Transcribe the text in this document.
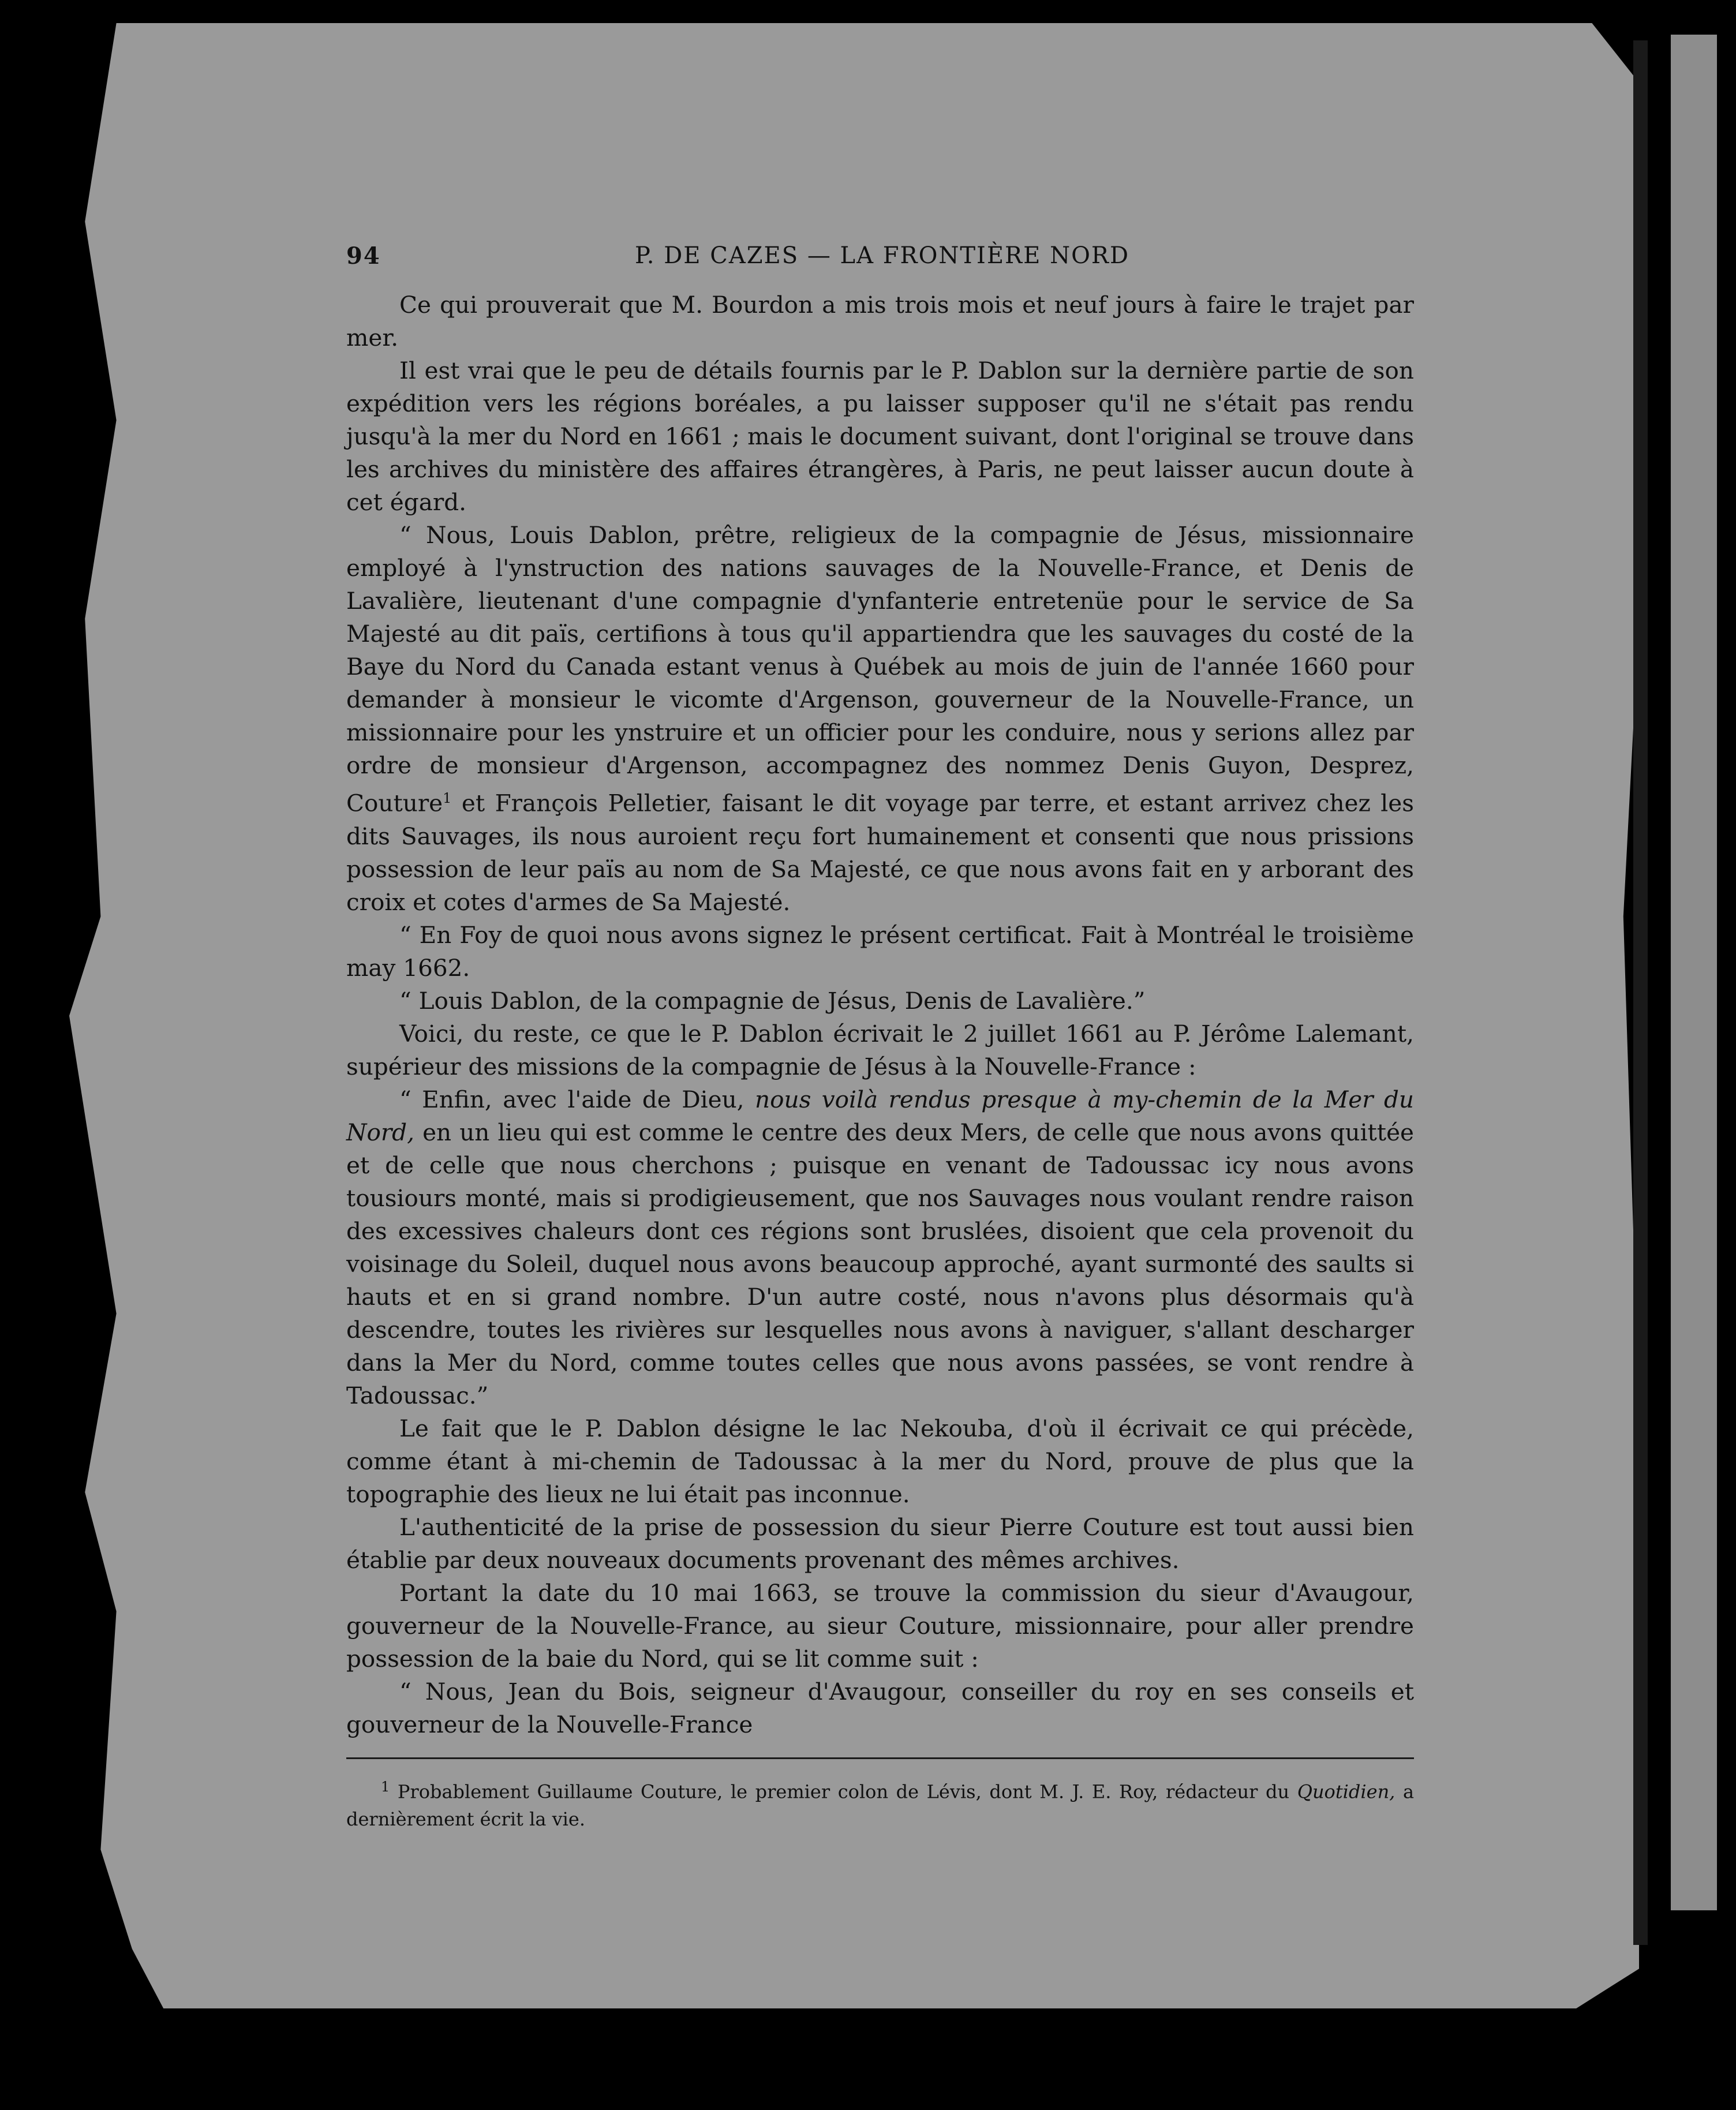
94	P. DE CAZES — LA FRONTIÈRE NORD

Ce qui prouverait que M. Bourdon a mis trois mois et neuf jours à faire le trajet par mer.

Il est vrai que le peu de détails fournis par le P. Dablon sur la dernière partie de son expédition vers les régions boréales, a pu laisser supposer qu'il ne s'était pas rendu jusqu'à la mer du Nord en 1661 ; mais le document suivant, dont l'original se trouve dans les archives du ministère des affaires étrangères, à Paris, ne peut laisser aucun doute à cet égard.

“ Nous, Louis Dablon, prêtre, religieux de la compagnie de Jésus, missionnaire employé à l'ynstruction des nations sauvages de la Nouvelle-France, et Denis de Lavalière, lieutenant d'une compagnie d'ynfanterie entretenüe pour le service de Sa Majesté au dit païs, certifions à tous qu'il appartiendra que les sauvages du costé de la Baye du Nord du Canada estant venus à Québek au mois de juin de l'année 1660 pour demander à monsieur le vicomte d'Argenson, gouverneur de la Nouvelle-France, un missionnaire pour les ynstruire et un officier pour les conduire, nous y serions allez par ordre de monsieur d'Argenson, accompagnez des nommez Denis Guyon, Desprez, Couture$^1$ et François Pelletier, faisant le dit voyage par terre, et estant arrivez chez les dits Sauvages, ils nous auroient reçu fort humainement et consenti que nous prissions possession de leur païs au nom de Sa Majesté, ce que nous avons fait en y arborant des croix et cotes d'armes de Sa Majesté.

“ En Foy de quoi nous avons signez le présent certificat. Fait à Montréal le troisième may 1662.

“ Louis Dablon, de la compagnie de Jésus, Denis de Lavalière.”

Voici, du reste, ce que le P. Dablon écrivait le 2 juillet 1661 au P. Jérôme Lalemant, supérieur des missions de la compagnie de Jésus à la Nouvelle-France :

“ Enfin, avec l'aide de Dieu, nous voilà rendus presque à my-chemin de la Mer du Nord, en un lieu qui est comme le centre des deux Mers, de celle que nous avons quittée et de celle que nous cherchons ; puisque en venant de Tadoussac icy nous avons tousiours monté, mais si prodigieusement, que nos Sauvages nous voulant rendre raison des excessives chaleurs dont ces régions sont bruslées, disoient que cela provenoit du voisinage du Soleil, duquel nous avons beaucoup approché, ayant surmonté des saults si hauts et en si grand nombre. D'un autre costé, nous n'avons plus désormais qu'à descendre, toutes les rivières sur lesquelles nous avons à naviguer, s'allant descharger dans la Mer du Nord, comme toutes celles que nous avons passées, se vont rendre à Tadoussac.”

Le fait que le P. Dablon désigne le lac Nekouba, d'où il écrivait ce qui précède, comme étant à mi-chemin de Tadoussac à la mer du Nord, prouve de plus que la topographie des lieux ne lui était pas inconnue.

L'authenticité de la prise de possession du sieur Pierre Couture est tout aussi bien établie par deux nouveaux documents provenant des mêmes archives.

Portant la date du 10 mai 1663, se trouve la commission du sieur d'Avaugour, gouverneur de la Nouvelle-France, au sieur Couture, missionnaire, pour aller prendre possession de la baie du Nord, qui se lit comme suit :

“ Nous, Jean du Bois, seigneur d'Avaugour, conseiller du roy en ses conseils et gouverneur de la Nouvelle-France

$^1$ Probablement Guillaume Couture, le premier colon de Lévis, dont M. J. E. Roy, rédacteur du Quotidien, a dernièrement écrit la vie.
